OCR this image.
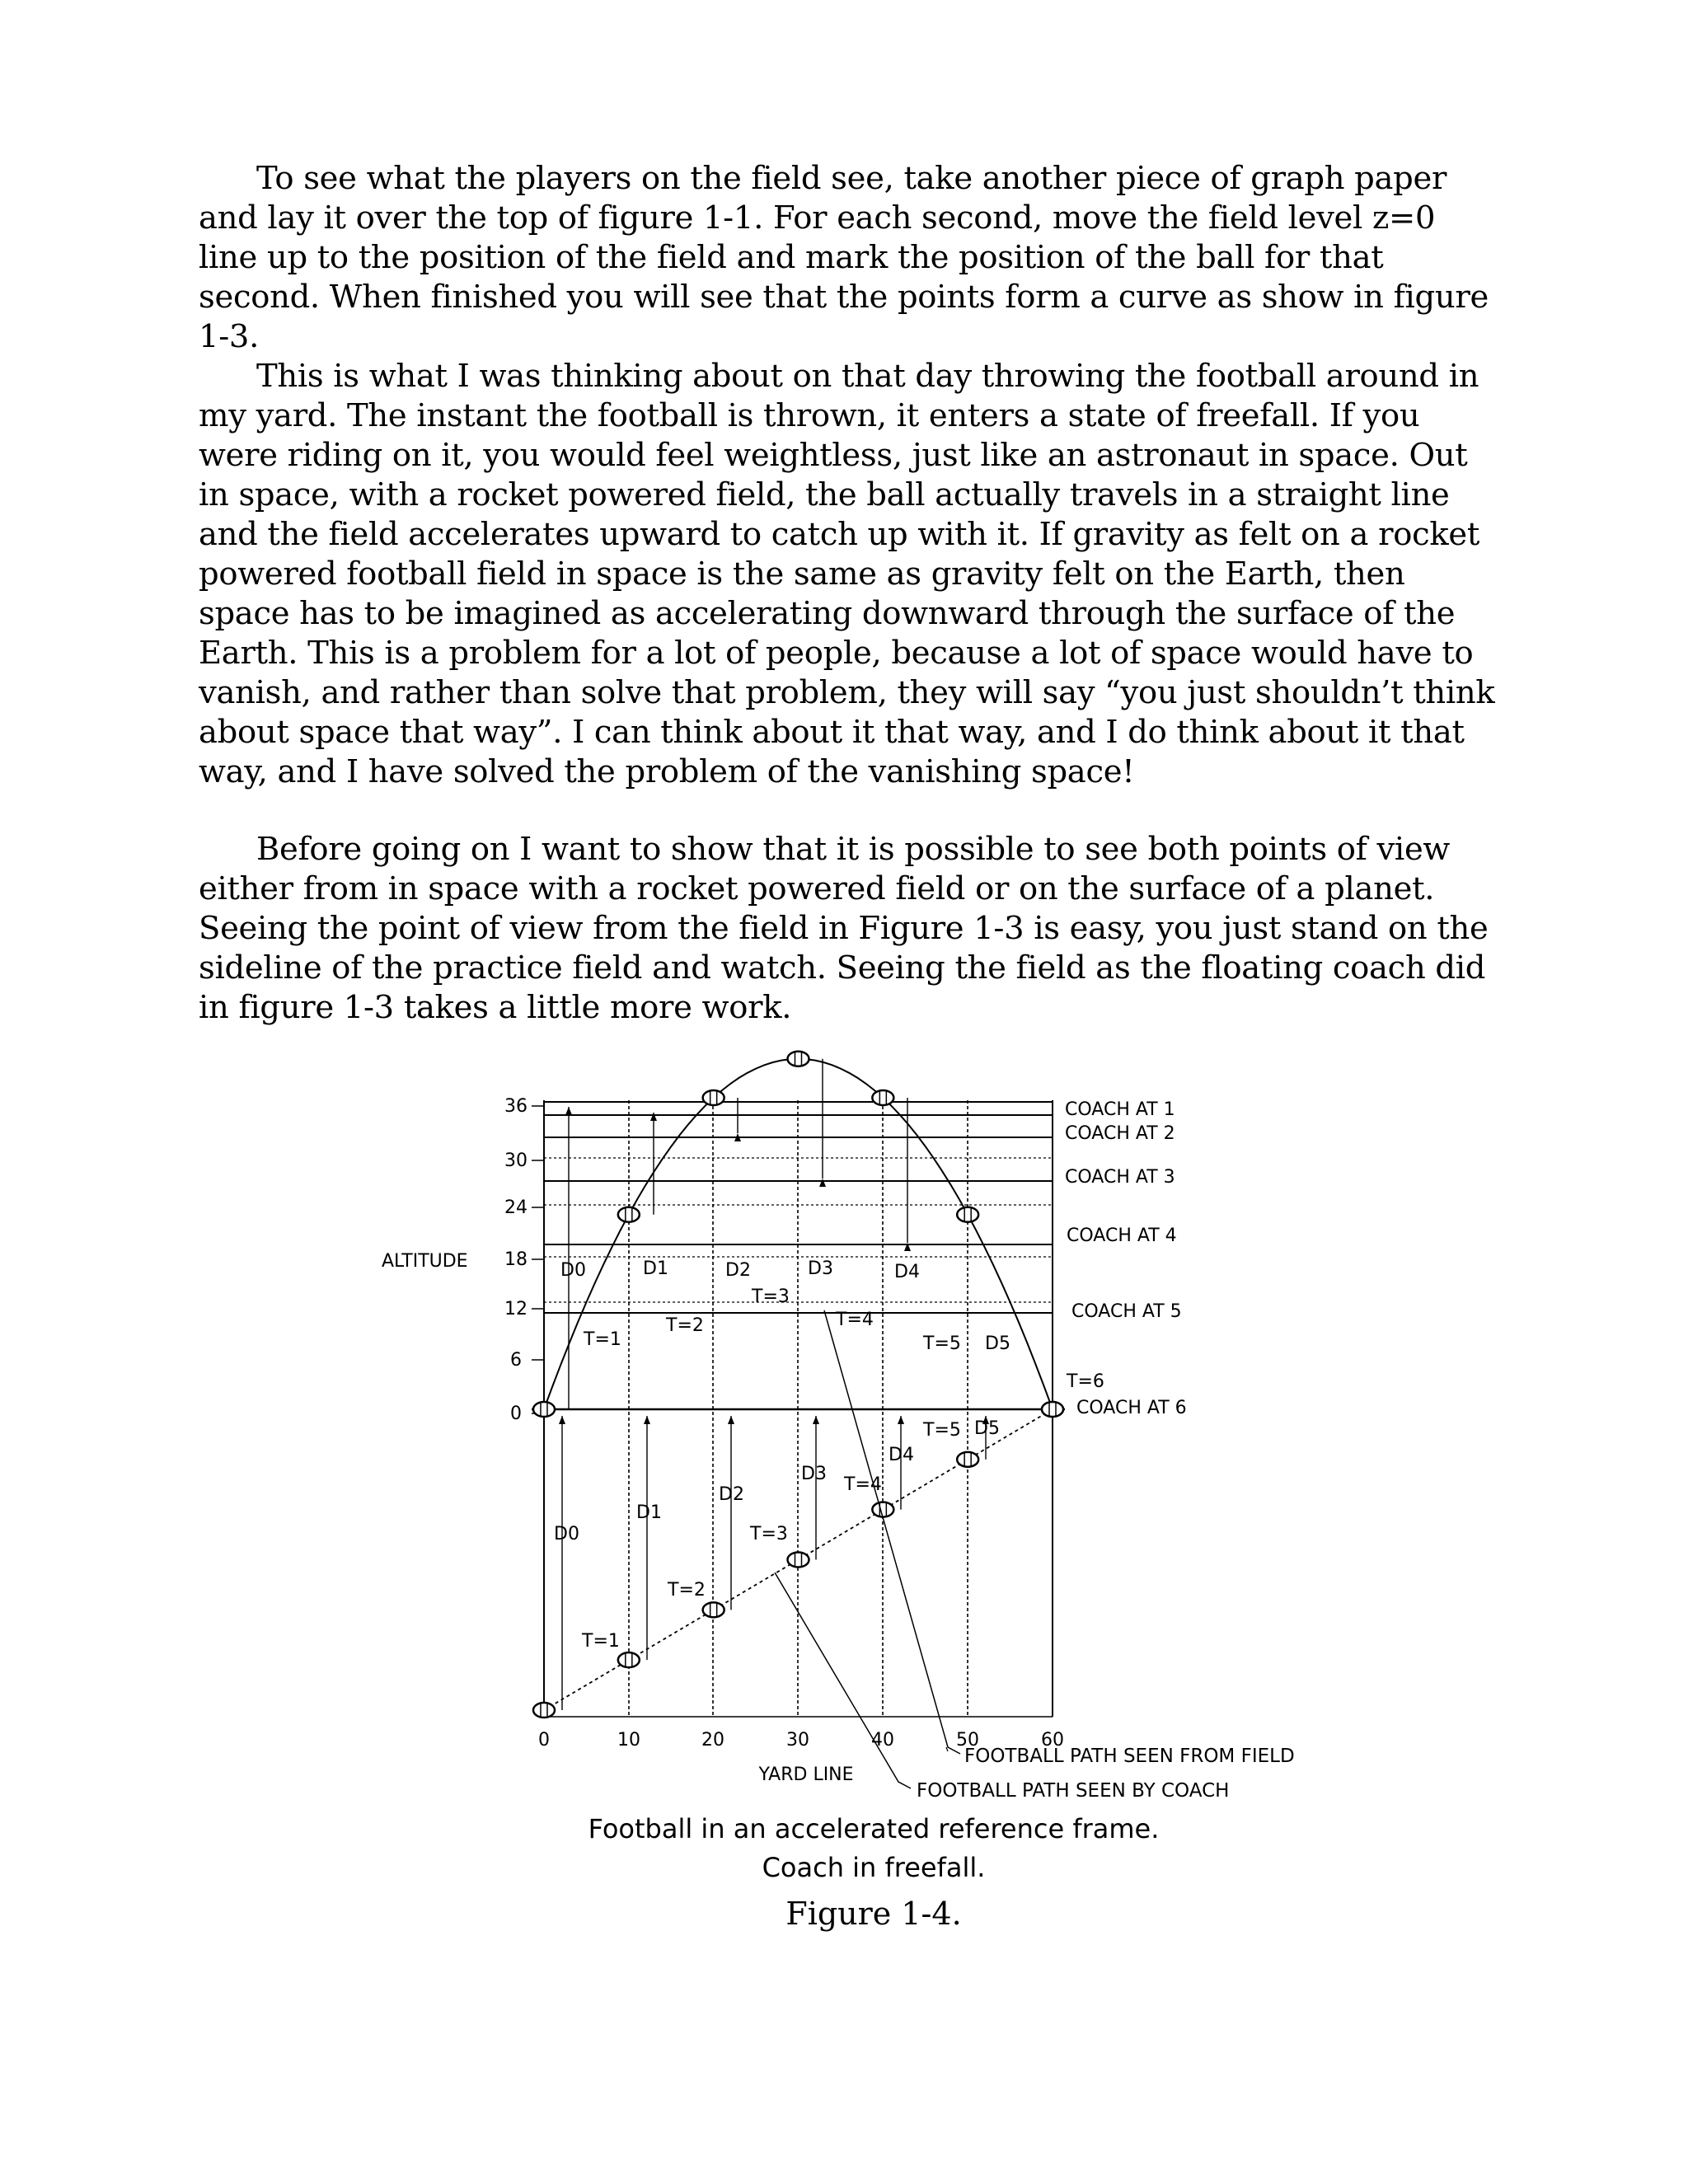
To see what the players on the field see, take another piece of graph paper and lay it over the top of figure 1-1. For each second, move the field level z=0 line up to the position of the field and mark the position of the ball for that second. When finished you will see that the points form a curve as show in figure 1-3.

This is what I was thinking about on that day throwing the football around in my yard. The instant the football is thrown, it enters a state of freefall. If you were riding on it, you would feel weightless, just like an astronaut in space. Out in space, with a rocket powered field, the ball actually travels in a straight line and the field accelerates upward to catch up with it. If gravity as felt on a rocket powered football field in space is the same as gravity felt on the Earth, then space has to be imagined as accelerating downward through the surface of the Earth. This is a problem for a lot of people, because a lot of space would have to vanish, and rather than solve that problem, they will say “you just shouldn’t think about space that way”. I can think about it that way, and I do think about it that way, and I have solved the problem of the vanishing space!

Before going on I want to show that it is possible to see both points of view either from in space with a rocket powered field or on the surface of a planet. Seeing the point of view from the field in Figure 1-3 is easy, you just stand on the sideline of the practice field and watch. Seeing the field as the floating coach did in figure 1-3 takes a little more work.

36
30
24
18
12
6
0
ALTITUDE
0	10	20	30	40	50	60
YARD LINE
COACH AT 1
COACH AT 2
COACH AT 3
COACH AT 4
COACH AT 5
COACH AT 6
T=6
D0	D1	D2	D3	D4
D5
T=1
T=2
T=3
T=4
T=5
D0
D1
D2
D3
D4
D5
T=1
T=2
T=3
T=4
T=5
FOOTBALL PATH SEEN FROM FIELD
FOOTBALL PATH SEEN BY COACH
Football in an accelerated reference frame.
Coach in freefall.
Figure 1-4.
